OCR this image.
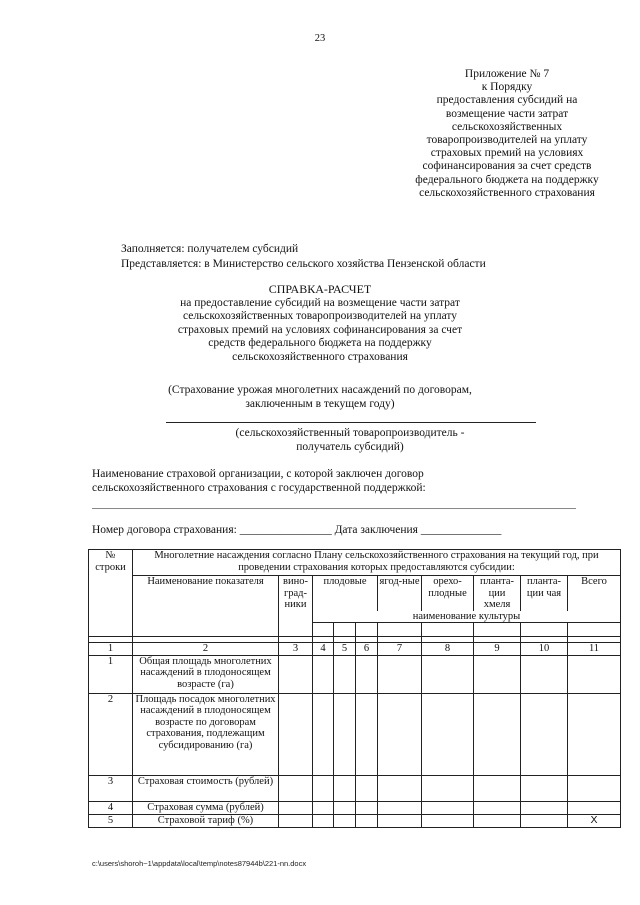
23
Приложение № 7
к Порядку
предоставления субсидий на
возмещение части затрат
сельскохозяйственных
товаропроизводителей на уплату
страховых премий на условиях
софинансирования за счет средств
федерального бюджета на поддержку
сельскохозяйственного страхования
Заполняется: получателем субсидий
Представляется: в Министерство сельского хозяйства Пензенской области
СПРАВКА-РАСЧЕТ
на предоставление субсидий на возмещение части затрат
сельскохозяйственных товаропроизводителей на уплату
страховых премий на условиях софинансирования за счет
средств федерального бюджета на поддержку
сельскохозяйственного страхования
(Страхование урожая многолетних насаждений по договорам,
заключенным в текущем году)
(сельскохозяйственный товаропроизводитель -
получатель субсидий)
Наименование страховой организации, с которой заключен договор
сельскохозяйственного страхования с государственной поддержкой:
Номер договора страхования: ________________ Дата заключения ______________
№ строки	Многолетние насаждения согласно Плану сельскохозяйственного страхования на текущий год, при проведении страхования которых предоставляются субсидии:									
	Наименование показателя	вино-град-ники	плодовые			ягод-ные	орехо-плодные	планта-ции хмеля	планта-ции чая	Всего
			наименование культуры							

1	2	3	4	5	6	7	8	9	10	11
1	Общая площадь многолетних насаждений в плодоносящем возрасте (га)									
2	Площадь посадок многолетних насаждений в плодоносящем возрасте по договорам страхования, подлежащим субсидированию (га)									
3	Страховая стоимость (рублей)									
4	Страховая сумма (рублей)									
5	Страховой тариф (%)									X
c:\users\shoroh~1\appdata\local\temp\notes87944b\221-nn.docx
